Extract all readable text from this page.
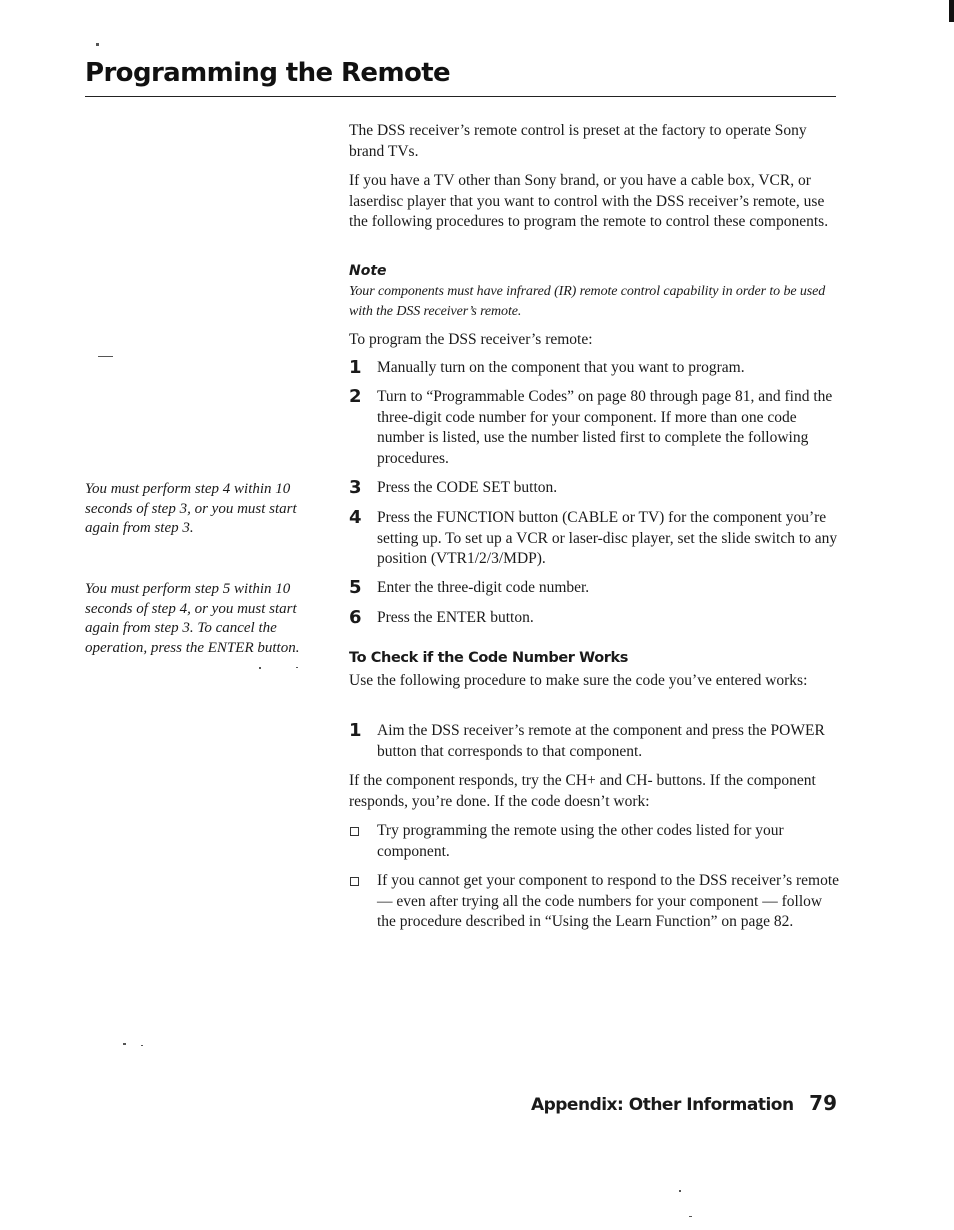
Programming the Remote

The DSS receiver’s remote control is preset at the factory to operate Sony brand TVs.

If you have a TV other than Sony brand, or you have a cable box, VCR, or laserdisc player that you want to control with the DSS receiver’s remote, use the following procedures to program the remote to control these components.

Note

Your components must have infrared (IR) remote control capability in order to be used with the DSS receiver’s remote.

To program the DSS receiver’s remote:

1 Manually turn on the component that you want to program.

2 Turn to “Programmable Codes” on page 80 through page 81, and find the three-digit code number for your component. If more than one code number is listed, use the number listed first to complete the following procedures.

3 Press the CODE SET button.

4 Press the FUNCTION button (CABLE or TV) for the component you’re setting up. To set up a VCR or laser-disc player, set the slide switch to any position (VTR1/2/3/MDP).

5 Enter the three-digit code number.

6 Press the ENTER button.

You must perform step 4 within 10 seconds of step 3, or you must start again from step 3.

You must perform step 5 within 10 seconds of step 4, or you must start again from step 3. To cancel the operation, press the ENTER button.

To Check if the Code Number Works

Use the following procedure to make sure the code you’ve entered works:

1 Aim the DSS receiver’s remote at the component and press the POWER button that corresponds to that component.

If the component responds, try the CH+ and CH- buttons. If the component responds, you’re done. If the code doesn’t work:

Try programming the remote using the other codes listed for your component.

If you cannot get your component to respond to the DSS receiver’s remote — even after trying all the code numbers for your component — follow the procedure described in “Using the Learn Function” on page 82.

Appendix: Other Information 79
